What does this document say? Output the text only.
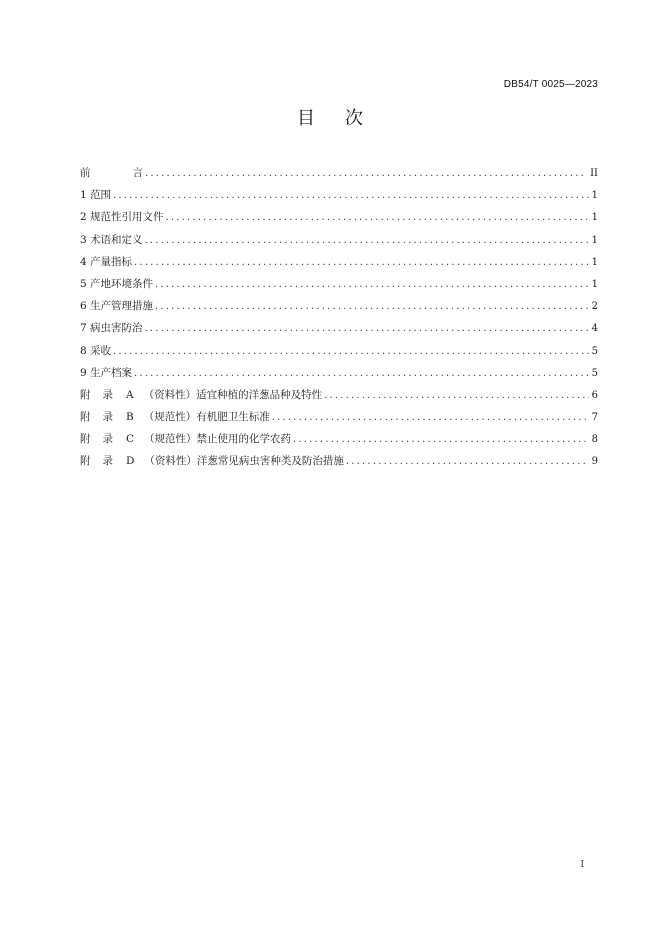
DB54/T 0025—2023
目 次
前	言 .....	II
1 范围 .....	1
2 规范性引用文件 .....	1
3 术语和定义 .....	1
4 产量指标 .....	1
5 产地环境条件 .....	1
6 生产管理措施 .....	2
7 病虫害防治 .....	4
8 采收 .....	5
9 生产档案 .....	5
附 录 A （资料性）适宜种植的洋葱品种及特性 .....	6
附 录 B （规范性）有机肥卫生标准 .....	7
附 录 C （规范性）禁止使用的化学农药 .....	8
附 录 D （资料性）洋葱常见病虫害种类及防治措施 .....	9
I
